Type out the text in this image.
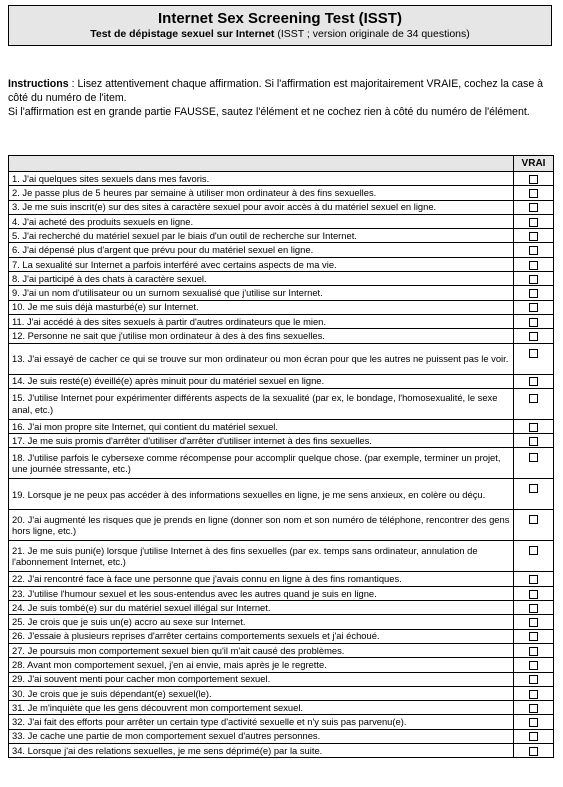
Internet Sex Screening Test (ISST)
Test de dépistage sexuel sur Internet (ISST ; version originale de 34 questions)

Instructions : Lisez attentivement chaque affirmation. Si l'affirmation est majoritairement VRAIE, cochez la case à côté du numéro de l'item.

Si l'affirmation est en grande partie FAUSSE, sautez l'élément et ne cochez rien à côté du numéro de l'élément.

	VRAI
1. J'ai quelques sites sexuels dans mes favoris.	
2. Je passe plus de 5 heures par semaine à utiliser mon ordinateur à des fins sexuelles.	
3. Je me suis inscrit(e) sur des sites à caractère sexuel pour avoir accès à du matériel sexuel en ligne.	
4. J'ai acheté des produits sexuels en ligne.	
5. J'ai recherché du matériel sexuel par le biais d'un outil de recherche sur Internet.	
6. J'ai dépensé plus d'argent que prévu pour du matériel sexuel en ligne.	
7. La sexualité sur Internet a parfois interféré avec certains aspects de ma vie.	
8. J'ai participé à des chats à caractère sexuel.	
9. J'ai un nom d'utilisateur ou un surnom sexualisé que j'utilise sur Internet.	
10. Je me suis déjà masturbé(e) sur Internet.	
11. J'ai accédé à des sites sexuels à partir d'autres ordinateurs que le mien.	
12. Personne ne sait que j'utilise mon ordinateur à des à des fins sexuelles.	
13. J'ai essayé de cacher ce qui se trouve sur mon ordinateur ou mon écran pour que les autres ne puissent pas le voir.	
14. Je suis resté(e) éveillé(e) après minuit pour du matériel sexuel en ligne.	
15. J'utilise Internet pour expérimenter différents aspects de la sexualité (par ex, le bondage, l'homosexualité, le sexe anal, etc.)	
16. J'ai mon propre site Internet, qui contient du matériel sexuel.	
17. Je me suis promis d'arrêter d'utiliser d'arrêter d'utiliser internet à des fins sexuelles.	
18. J'utilise parfois le cybersexe comme récompense pour accomplir quelque chose. (par exemple, terminer un projet, une journée stressante, etc.)	
19. Lorsque je ne peux pas accéder à des informations sexuelles en ligne, je me sens anxieux, en colère ou déçu.	
20. J'ai augmenté les risques que je prends en ligne (donner son nom et son numéro de téléphone, rencontrer des gens hors ligne, etc.)	
21. Je me suis puni(e) lorsque j'utilise Internet à des fins sexuelles (par ex. temps sans ordinateur, annulation de l'abonnement Internet, etc.)	
22. J'ai rencontré face à face une personne que j'avais connu en ligne à des fins romantiques.	
23. J'utilise l'humour sexuel et les sous-entendus avec les autres quand je suis en ligne.	
24. Je suis tombé(e) sur du matériel sexuel illégal sur Internet.	
25. Je crois que je suis un(e) accro au sexe sur Internet.	
26. J'essaie à plusieurs reprises d'arrêter certains comportements sexuels et j'ai échoué.	
27. Je poursuis mon comportement sexuel bien qu'il m'ait causé des problèmes.	
28. Avant mon comportement sexuel, j'en ai envie, mais après je le regrette.	
29. J'ai souvent menti pour cacher mon comportement sexuel.	
30. Je crois que je suis dépendant(e) sexuel(le).	
31. Je m'inquiète que les gens découvrent mon comportement sexuel.	
32. J'ai fait des efforts pour arrêter un certain type d'activité sexuelle et n'y suis pas parvenu(e).	
33. Je cache une partie de mon comportement sexuel d'autres personnes.	
34. Lorsque j'ai des relations sexuelles, je me sens déprimé(e) par la suite.	
